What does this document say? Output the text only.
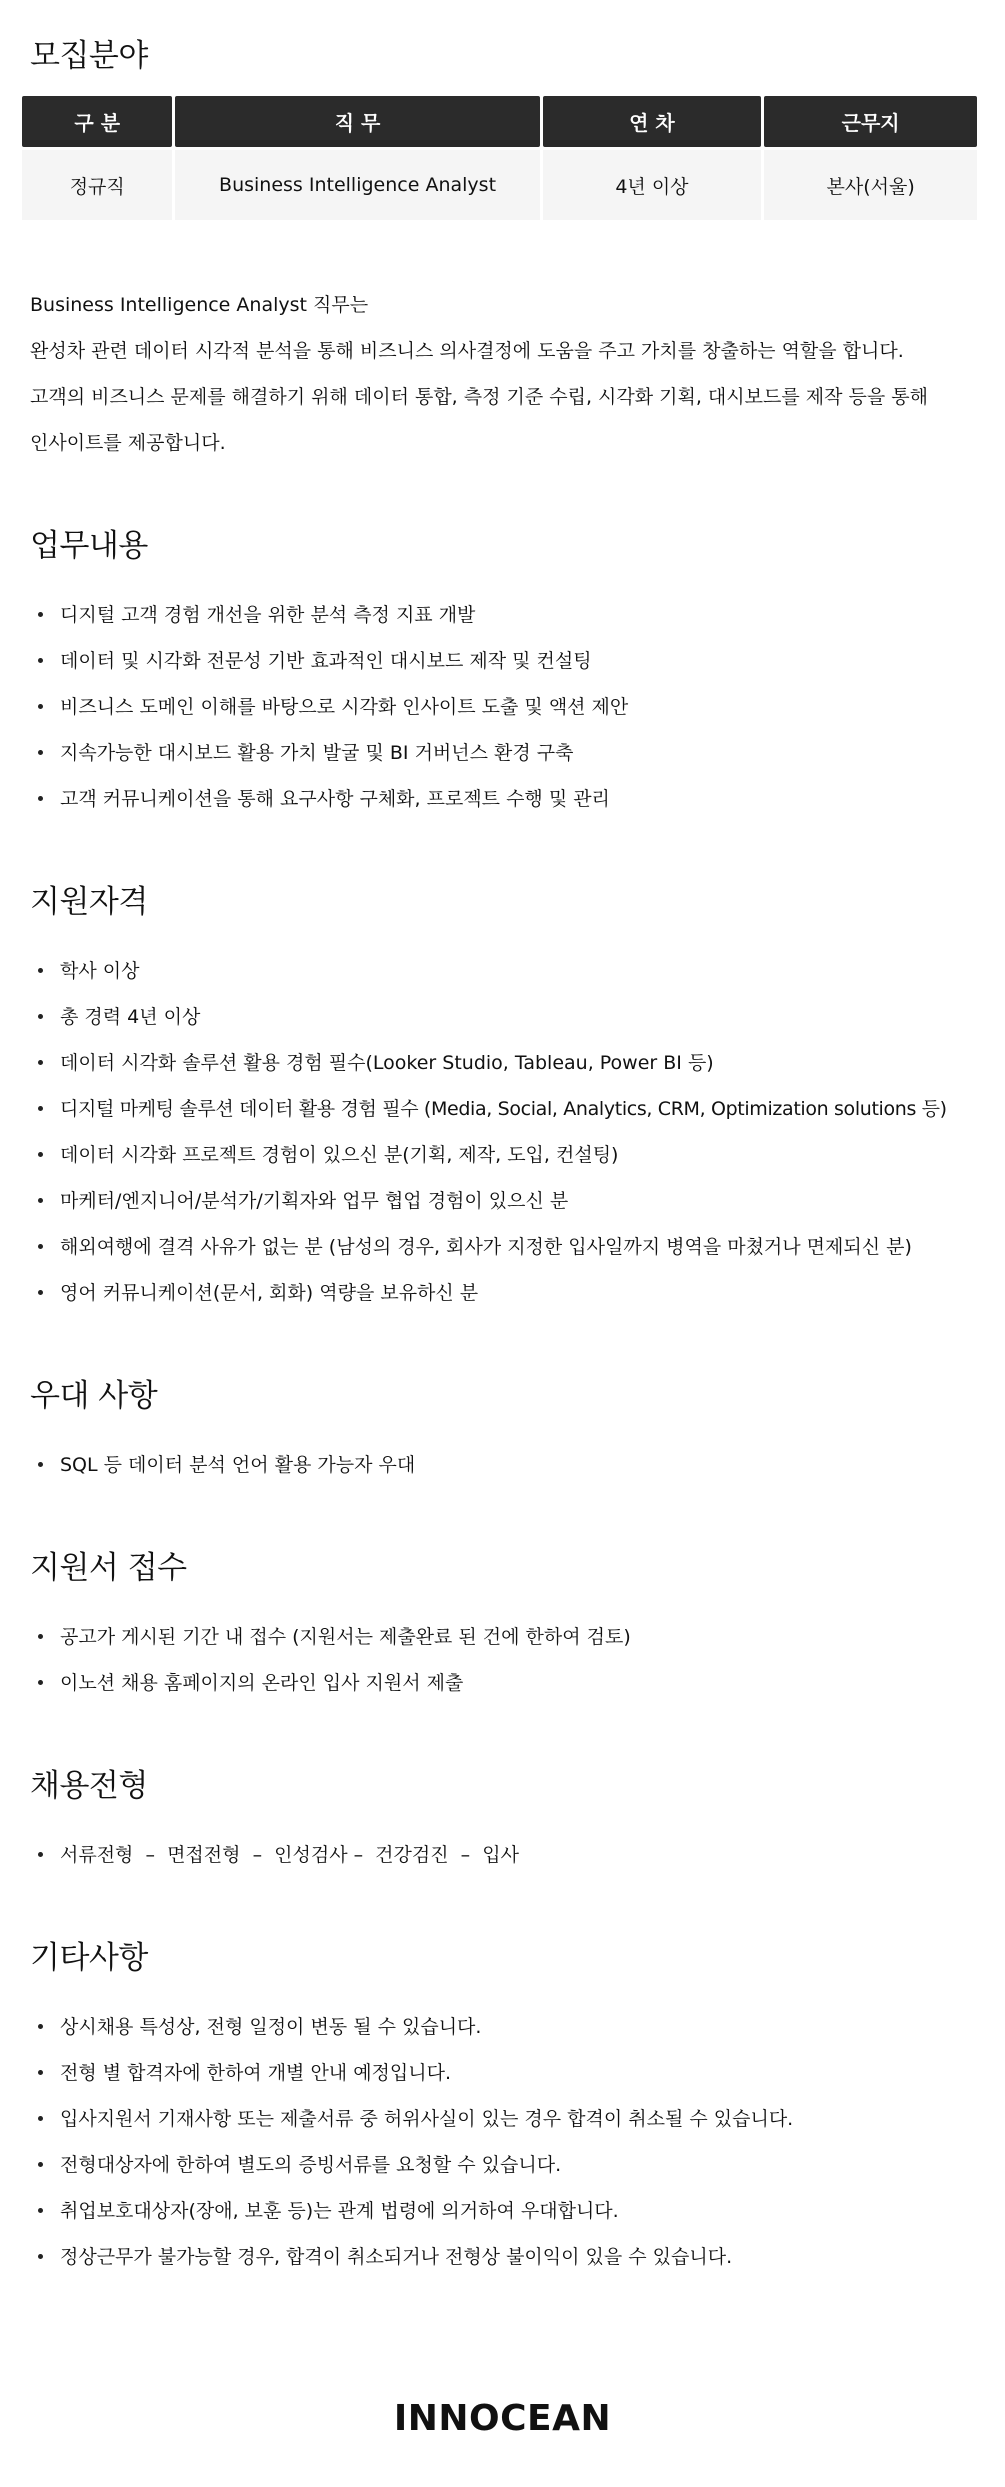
모집분야
구 분	직 무	연 차	근무지

정규직	Business Intelligence Analyst	4년 이상	본사(서울)

Business Intelligence Analyst 직무는

완성차 관련 데이터 시각적 분석을 통해 비즈니스 의사결정에 도움을 주고 가치를 창출하는 역할을 합니다.

고객의 비즈니스 문제를 해결하기 위해 데이터 통합, 측정 기준 수립, 시각화 기획, 대시보드를 제작 등을 통해

인사이트를 제공합니다.

업무내용
디지털 고객 경험 개선을 위한 분석 측정 지표 개발
데이터 및 시각화 전문성 기반 효과적인 대시보드 제작 및 컨설팅
비즈니스 도메인 이해를 바탕으로 시각화 인사이트 도출 및 액션 제안
지속가능한 대시보드 활용 가치 발굴 및 BI 거버넌스 환경 구축
고객 커뮤니케이션을 통해 요구사항 구체화, 프로젝트 수행 및 관리
지원자격
학사 이상
총 경력 4년 이상
데이터 시각화 솔루션 활용 경험 필수(Looker Studio, Tableau, Power BI 등)
디지털 마케팅 솔루션 데이터 활용 경험 필수 (Media, Social, Analytics, CRM, Optimization solutions 등)
데이터 시각화 프로젝트 경험이 있으신 분(기획, 제작, 도입, 컨설팅)
마케터/엔지니어/분석가/기획자와 업무 협업 경험이 있으신 분
해외여행에 결격 사유가 없는 분 (남성의 경우, 회사가 지정한 입사일까지 병역을 마쳤거나 면제되신 분)
영어 커뮤니케이션(문서, 회화) 역량을 보유하신 분
우대 사항
SQL 등 데이터 분석 언어 활용 가능자 우대
지원서 접수
공고가 게시된 기간 내 접수 (지원서는 제출완료 된 건에 한하여 검토)
이노션 채용 홈페이지의 온라인 입사 지원서 제출
채용전형
서류전형  –  면접전형  –  인성검사 –  건강검진  –  입사
기타사항
상시채용 특성상, 전형 일정이 변동 될 수 있습니다.
전형 별 합격자에 한하여 개별 안내 예정입니다.
입사지원서 기재사항 또는 제출서류 중 허위사실이 있는 경우 합격이 취소될 수 있습니다.
전형대상자에 한하여 별도의 증빙서류를 요청할 수 있습니다.
취업보호대상자(장애, 보훈 등)는 관계 법령에 의거하여 우대합니다.
정상근무가 불가능할 경우, 합격이 취소되거나 전형상 불이익이 있을 수 있습니다.
INNOCEAN
